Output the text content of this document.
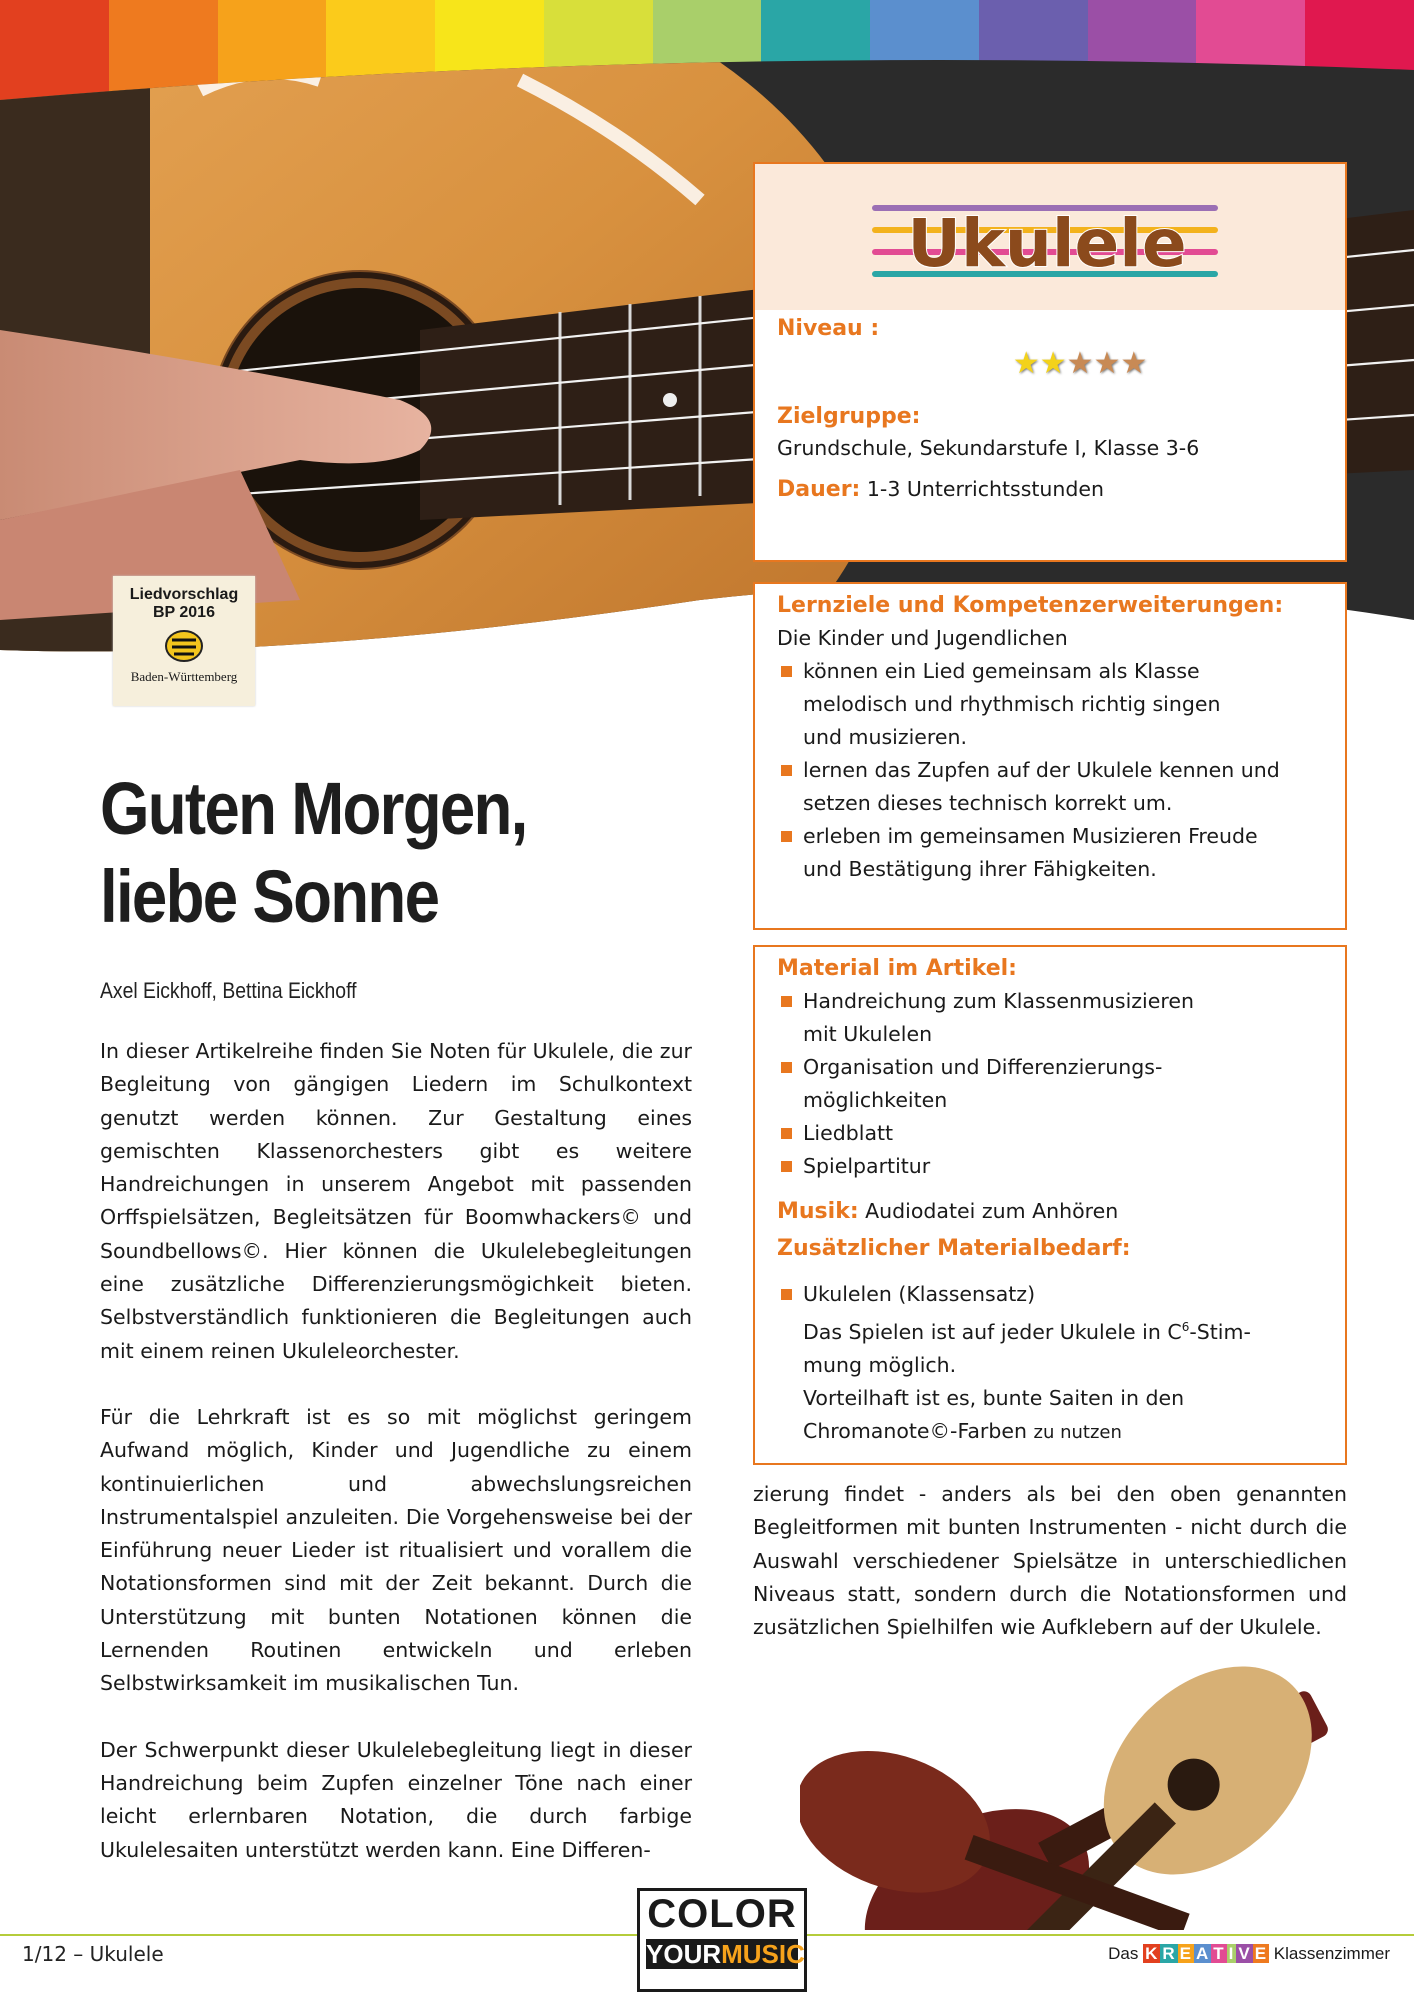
Liedvorschlag
BP 2016
Baden-Württemberg
Ukulele
Niveau :
★★★★★
Zielgruppe:
Grundschule, Sekundarstufe I, Klasse 3-6
Dauer: 1-3 Unterrichtsstunden
Lernziele und Kompetenzerweiterungen:
Die Kinder und Jugendlichen
können ein Lied gemeinsam als Klasse
melodisch und rhythmisch richtig singen
und musizieren.
lernen das Zupfen auf der Ukulele kennen und
setzen dieses technisch korrekt um.
erleben im gemeinsamen Musizieren Freude
und Bestätigung ihrer Fähigkeiten.
Material im Artikel:
Handreichung zum Klassenmusizieren
mit Ukulelen
Organisation und Differenzierungs-
möglichkeiten
Liedblatt
Spielpartitur
Musik: Audiodatei zum Anhören
Zusätzlicher Materialbedarf:
Ukulelen (Klassensatz)
Das Spielen ist auf jeder Ukulele in $C^6-Stim-$
mung möglich.
Vorteilhaft ist es, bunte Saiten in den
Chromanote©-Farben zu nutzen
Guten Morgen,
liebe Sonne
Axel Eickhoff, Bettina Eickhoff

In dieser Artikelreihe finden Sie Noten für Ukulele, die zur Begleitung von gängigen Liedern im Schulkontext genutzt werden können. Zur Gestaltung eines gemischten Klassenorchesters gibt es weitere Handreichungen in unserem Angebot mit passenden Orffspielsätzen, Begleitsätzen für Boomwhackers© und Soundbellows©. Hier können die Ukulelebegleitungen eine zusätzliche Differenzierungsmögichkeit bieten. Selbstverständlich funktionieren die Begleitungen auch mit einem reinen Ukuleleorchester.

Für die Lehrkraft ist es so mit möglichst geringem Aufwand möglich, Kinder und Jugendliche zu einem kontinuierlichen und abwechslungsreichen Instrumentalspiel anzuleiten. Die Vorgehensweise bei der Einführung neuer Lieder ist ritualisiert und vorallem die Notationsformen sind mit der Zeit bekannt. Durch die Unterstützung mit bunten Notationen können die Lernenden Routinen entwickeln und erleben Selbstwirksamkeit im musikalischen Tun.

Der Schwerpunkt dieser Ukulelebegleitung liegt in dieser Handreichung beim Zupfen einzelner Töne nach einer leicht erlernbaren Notation, die durch farbige Ukulelesaiten unterstützt werden kann. Eine Differen-

zierung findet - anders als bei den oben genannten Begleitformen mit bunten Instrumenten - nicht durch die Auswahl verschiedener Spielsätze in unterschiedlichen Niveaus statt, sondern durch die Notationsformen und zusätzlichen Spielhilfen wie Aufklebern auf der Ukulele.
1/12 – Ukulele
COLOR
YOURMUSIC	Das K R E A T I V E Klassenzimmer
